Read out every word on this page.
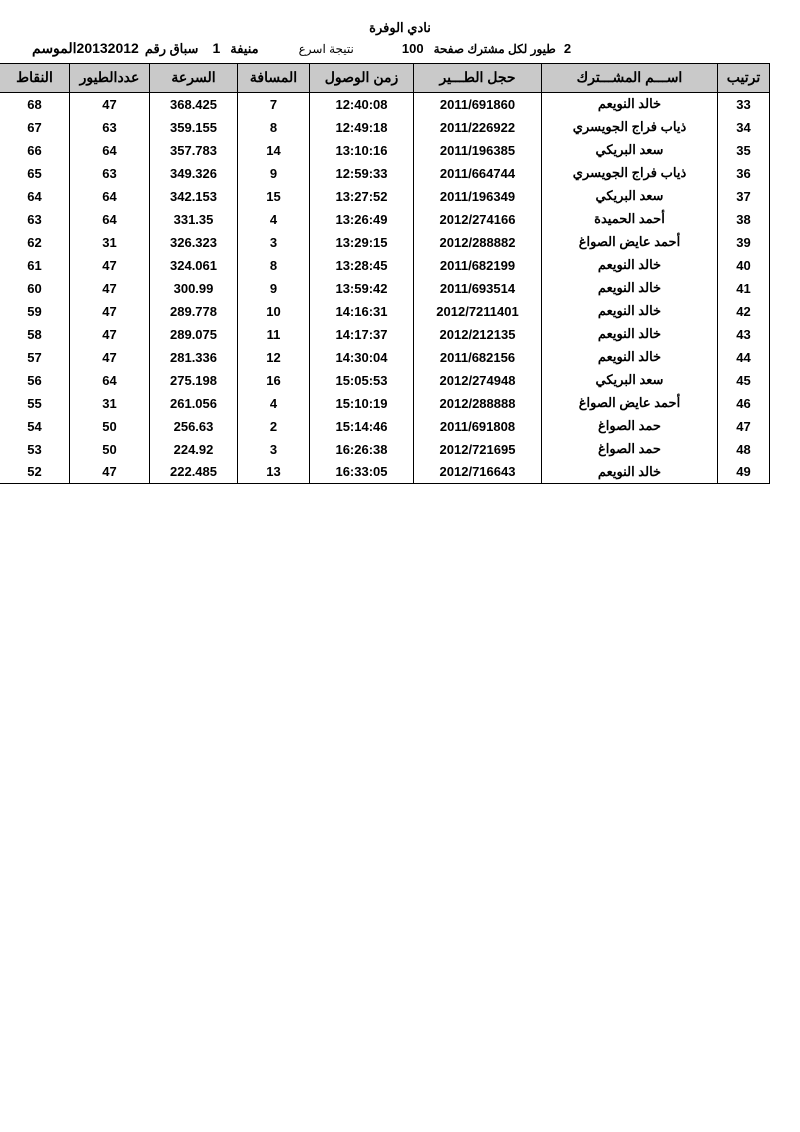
نادي الوفرة
الموسم 20132012 سباق رقم 1 منيفة	نتيجة اسرع	100 طيور لكل مشترك صفحة 2
ترتيب	اســـم المشـــترك	حجل الطـــير	زمن الوصول	المسافة	السرعة	عددالطيور	النقاط
33	خالد النويعم	2011/691860	12:40:08	7	368.425	47	68
34	ذياب فراج الجويسري	2011/226922	12:49:18	8	359.155	63	67
35	سعد البريكي	2011/196385	13:10:16	14	357.783	64	66
36	ذياب فراج الجويسري	2011/664744	12:59:33	9	349.326	63	65
37	سعد البريكي	2011/196349	13:27:52	15	342.153	64	64
38	أحمد الحميدة	2012/274166	13:26:49	4	331.35	64	63
39	أحمد عايض الصواغ	2012/288882	13:29:15	3	326.323	31	62
40	خالد النويعم	2011/682199	13:28:45	8	324.061	47	61
41	خالد النويعم	2011/693514	13:59:42	9	300.99	47	60
42	خالد النويعم	2012/7211401	14:16:31	10	289.778	47	59
43	خالد النويعم	2012/212135	14:17:37	11	289.075	47	58
44	خالد النويعم	2011/682156	14:30:04	12	281.336	47	57
45	سعد البريكي	2012/274948	15:05:53	16	275.198	64	56
46	أحمد عايض الصواغ	2012/288888	15:10:19	4	261.056	31	55
47	حمد الصواغ	2011/691808	15:14:46	2	256.63	50	54
48	حمد الصواغ	2012/721695	16:26:38	3	224.92	50	53
49	خالد النويعم	2012/716643	16:33:05	13	222.485	47	52
